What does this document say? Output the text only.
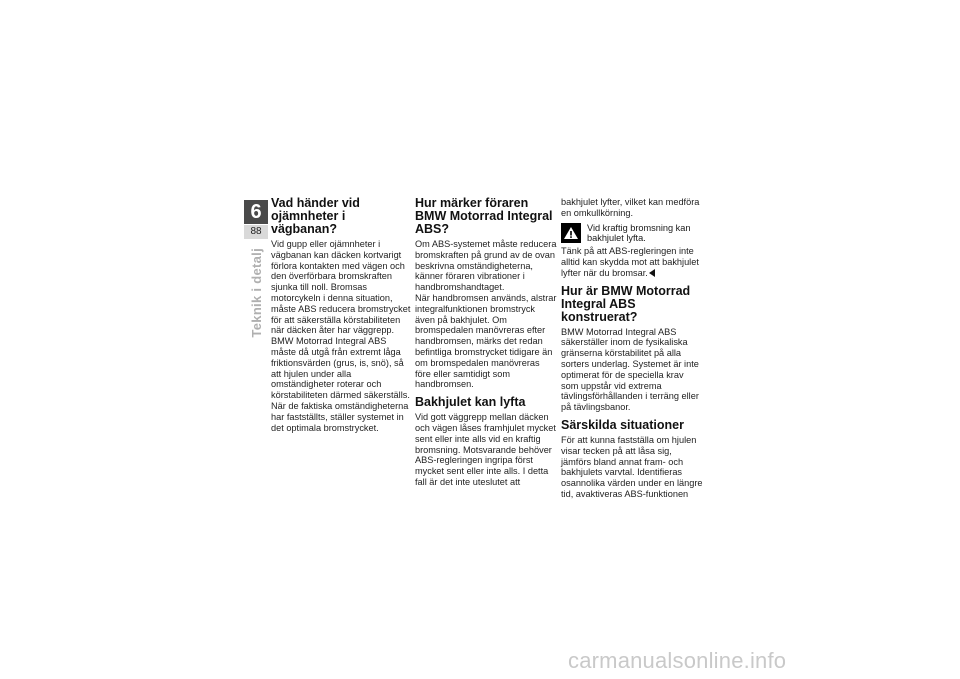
6
88
Teknik i detalj
Vad händer vid ojämnheter i vägbanan?

Vid gupp eller ojämnheter i vägbanan kan däcken kortvarigt förlora kontakten med vägen och den överförbara bromskraften sjunka till noll. Bromsas motorcykeln i denna situation, måste ABS reducera bromstrycket för att säkerställa körstabiliteten när däcken åter har väggrepp. BMW Motorrad Integral ABS måste då utgå från extremt låga friktionsvärden (grus, is, snö), så att hjulen under alla omständigheter roterar och körstabiliteten därmed säkerställs. När de faktiska omständigheterna har fastställts, ställer systemet in det optimala bromstrycket.

Hur märker föraren BMW Motorrad Integral ABS?

Om ABS-systemet måste reducera bromskraften på grund av de ovan beskrivna omständigheterna, känner föraren vibrationer i handbromshandtaget.

När handbromsen används, alstrar integralfunktionen bromstryck även på bakhjulet. Om bromspedalen manövreras efter handbromsen, märks det redan befintliga bromstrycket tidigare än om bromspedalen manövreras före eller samtidigt som handbromsen.

Bakhjulet kan lyfta

Vid gott väggrepp mellan däcken och vägen låses framhjulet mycket sent eller inte alls vid en kraftig bromsning. Motsvarande behöver ABS-regleringen ingripa först mycket sent eller inte alls. I detta fall är det inte uteslutet att

bakhjulet lyfter, vilket kan medföra en omkullkörning.

Vid kraftig bromsning kan bakhjulet lyfta.

Tänk på att ABS-regleringen inte alltid kan skydda mot att bakhjulet lyfter när du bromsar.

Hur är BMW Motorrad Integral ABS konstruerat?

BMW Motorrad Integral ABS säkerställer inom de fysikaliska gränserna körstabilitet på alla sorters underlag. Systemet är inte optimerat för de speciella krav som uppstår vid extrema tävlingsförhållanden i terräng eller på tävlingsbanor.

Särskilda situationer

För att kunna fastställa om hjulen visar tecken på att låsa sig, jämförs bland annat fram- och bakhjulets varvtal. Identifieras osannolika värden under en längre tid, avaktiveras ABS-funktionen

carmanualsonline.info
